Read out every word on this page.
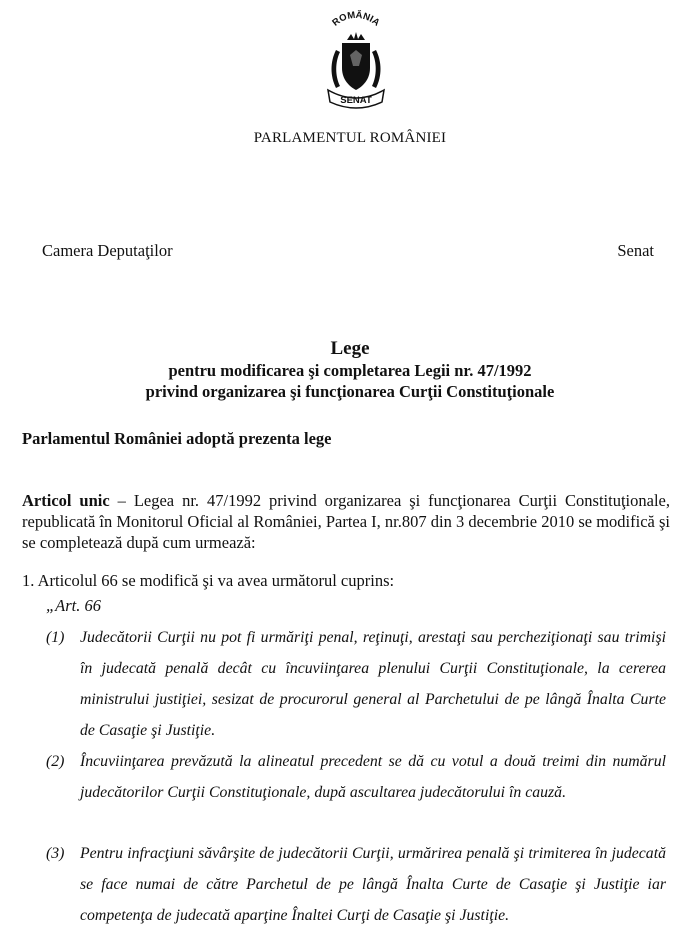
ROMÂNIA
SENAT
PARLAMENTUL ROMÂNIEI
Camera Deputaţilor	Senat
Lege
pentru modificarea şi completarea Legii nr. 47/1992
privind organizarea şi funcţionarea Curţii Constituţionale
Parlamentul României adoptă prezenta lege
Articol unic – Legea nr. 47/1992 privind organizarea şi funcţionarea Curţii Constituţionale, republicată în Monitorul Oficial al României, Partea I, nr.807 din 3 decembrie 2010 se modifică şi se completează după cum urmează:
1. Articolul 66 se modifică şi va avea următorul cuprins:
„Art. 66
(1) Judecătorii Curţii nu pot fi urmăriţi penal, reţinuţi, arestaţi sau percheziţionaţi sau trimişi în judecată penală decât cu încuviinţarea plenului Curţii Constituţionale, la cererea ministrului justiţiei, sesizat de procurorul general al Parchetului de pe lângă Înalta Curte de Casaţie şi Justiţie.
(2) Încuviinţarea prevăzută la alineatul precedent se dă cu votul a două treimi din numărul judecătorilor Curţii Constituţionale, după ascultarea judecătorului în cauză.
(3) Pentru infracţiuni săvârşite de judecătorii Curţii, urmărirea penală şi trimiterea în judecată se face numai de către Parchetul de pe lângă Înalta Curte de Casaţie şi Justiţie iar competenţa de judecată aparţine Înaltei Curţi de Casaţie şi Justiţie.
